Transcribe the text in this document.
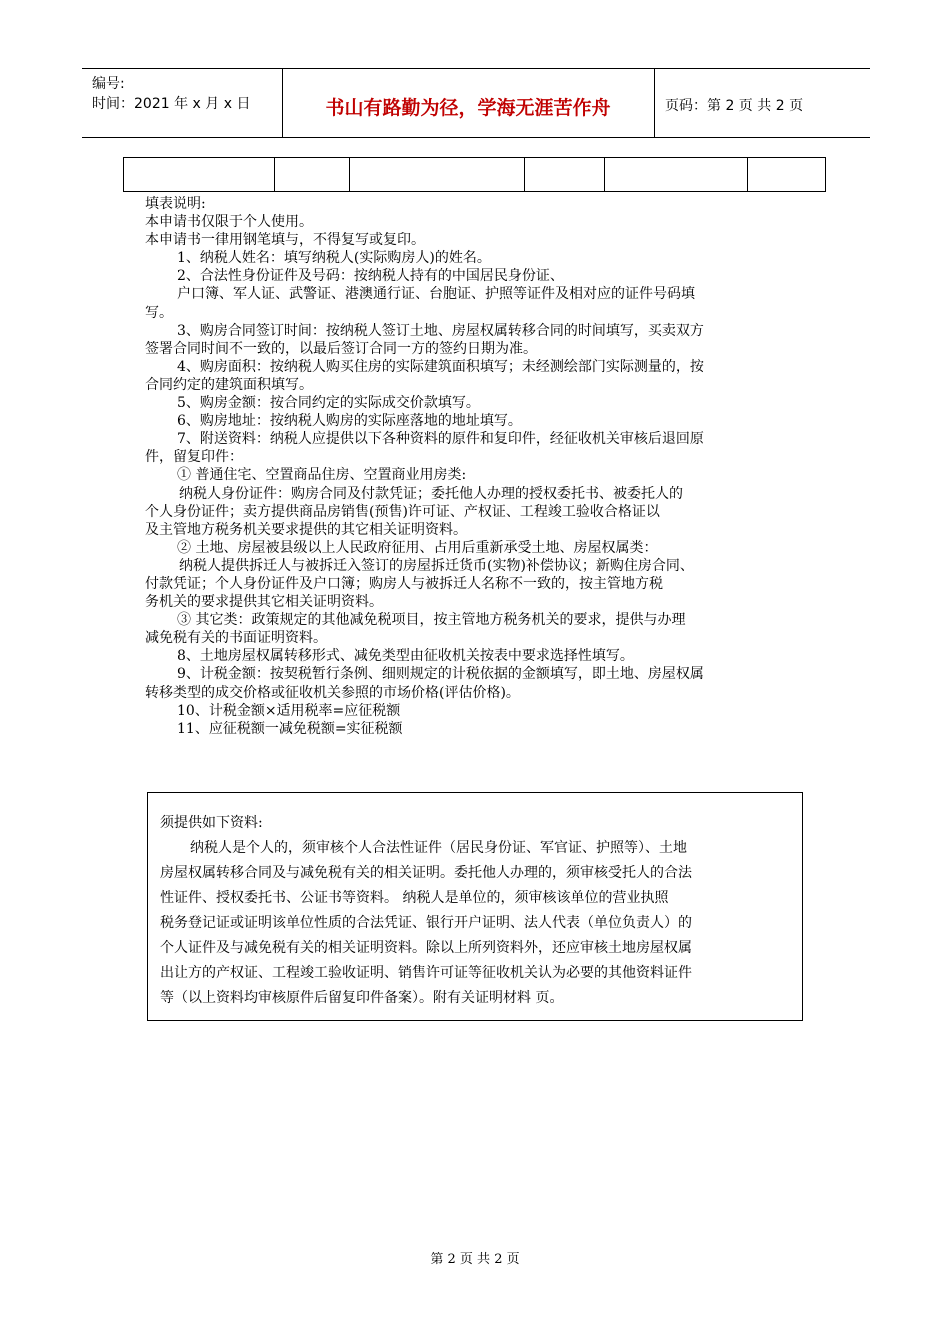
编号:
时间：2021 年 x 月 x 日	书山有路勤为径，学海无涯苦作舟	页码：第 2 页 共 2 页
填表说明:
本申请书仅限于个人使用。
本申请书一律用钢笔填与，不得复写或复印。
1、纳税人姓名：填写纳税人(实际购房人)的姓名。
2、合法性身份证件及号码：按纳税人持有的中国居民身份证、
户口簿、军人证、武警证、港澳通行证、台胞证、护照等证件及相对应的证件号码填
写。
3、购房合同签订时间：按纳税人签订土地、房屋权属转移合同的时间填写，买卖双方
签署合同时间不一致的，以最后签订合同一方的签约日期为准。
4、购房面积：按纳税人购买住房的实际建筑面积填写；未经测绘部门实际测量的，按
合同约定的建筑面积填写。
5、购房金额：按合同约定的实际成交价款填写。
6、购房地址：按纳税人购房的实际座落地的地址填写。
7、附送资料：纳税人应提供以下各种资料的原件和复印件，经征收机关审核后退回原
件，留复印件：
① 普通住宅、空置商品住房、空置商业用房类:
纳税人身份证件：购房合同及付款凭证；委托他人办理的授权委托书、被委托人的
个人身份证件；卖方提供商品房销售(预售)许可证、产权证、工程竣工验收合格证以
及主管地方税务机关要求提供的其它相关证明资料。
② 土地、房屋被县级以上人民政府征用、占用后重新承受土地、房屋权属类：
纳税人提供拆迁人与被拆迁入签订的房屋拆迁货币(实物)补偿协议；新购住房合同、
付款凭证；个人身份证件及户口簿；购房人与被拆迁人名称不一致的，按主管地方税
务机关的要求提供其它相关证明资料。
③ 其它类：政策规定的其他减免税项目，按主管地方税务机关的要求，提供与办理
减免税有关的书面证明资料。
8、土地房屋权属转移形式、减免类型由征收机关按表中要求选择性填写。
9、计税金额：按契税暂行条例、细则规定的计税依据的金额填写，即土地、房屋权属
转移类型的成交价格或征收机关参照的市场价格(评估价格)。
10、计税金额×适用税率=应征税额
11、应征税额一减免税额=实征税额
须提供如下资料:
纳税人是个人的，须审核个人合法性证件（居民身份证、军官证、护照等）、土地
房屋权属转移合同及与减免税有关的相关证明。委托他人办理的，须审核受托人的合法
性证件、授权委托书、公证书等资料。 纳税人是单位的，须审核该单位的营业执照
税务登记证或证明该单位性质的合法凭证、银行开户证明、法人代表（单位负责人）的
个人证件及与减免税有关的相关证明资料。除以上所列资料外，还应审核土地房屋权属
出让方的产权证、工程竣工验收证明、销售许可证等征收机关认为必要的其他资料证件
等（以上资料均审核原件后留复印件备案）。附有关证明材料 页。
第 2 页 共 2 页
